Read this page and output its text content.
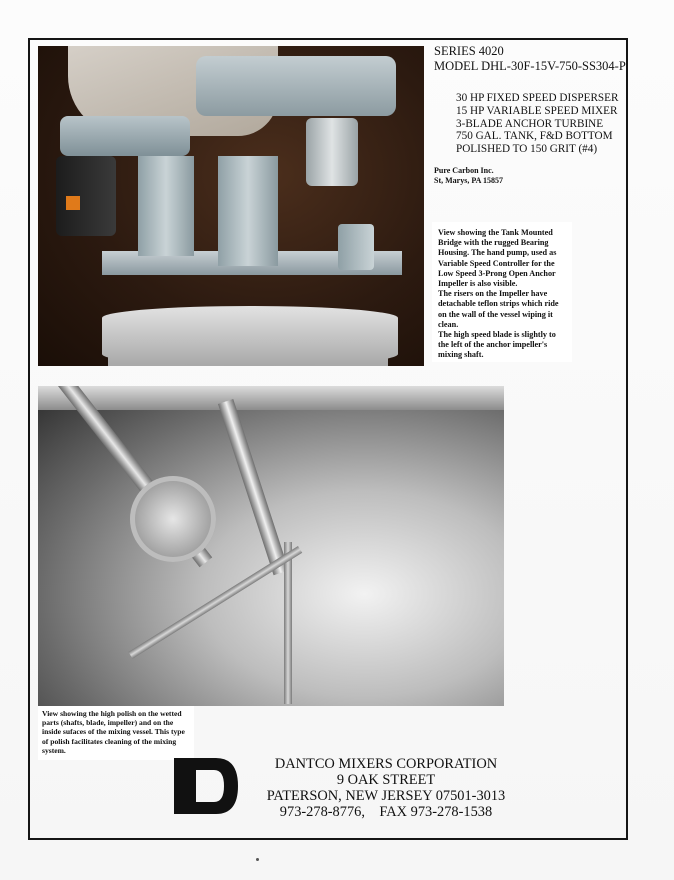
SERIES 4020
MODEL DHL-30F-15V-750-SS304-P
30 HP FIXED SPEED DISPERSER
15 HP VARIABLE SPEED MIXER
3-BLADE ANCHOR TURBINE
750 GAL. TANK, F&D BOTTOM
POLISHED TO 150 GRIT (#4)
Pure Carbon Inc.
St, Marys, PA 15857

View showing the Tank Mounted Bridge with the rugged Bearing Housing. The hand pump, used as Variable Speed Controller for the Low Speed 3-Prong Open Anchor Impeller is also visible.

The risers on the Impeller have detachable teflon strips which ride on the wall of the vessel wiping it clean.

The high speed blade is slightly to the left of the anchor impeller's mixing shaft.

View showing the high polish on the wetted parts (shafts, blade, impeller) and on the inside sufaces of the mixing vessel. This type of polish facilitates cleaning of the mixing system.
DANTCO MIXERS CORPORATION
9 OAK STREET
PATERSON, NEW JERSEY 07501-3013
973-278-8776,    FAX 973-278-1538
